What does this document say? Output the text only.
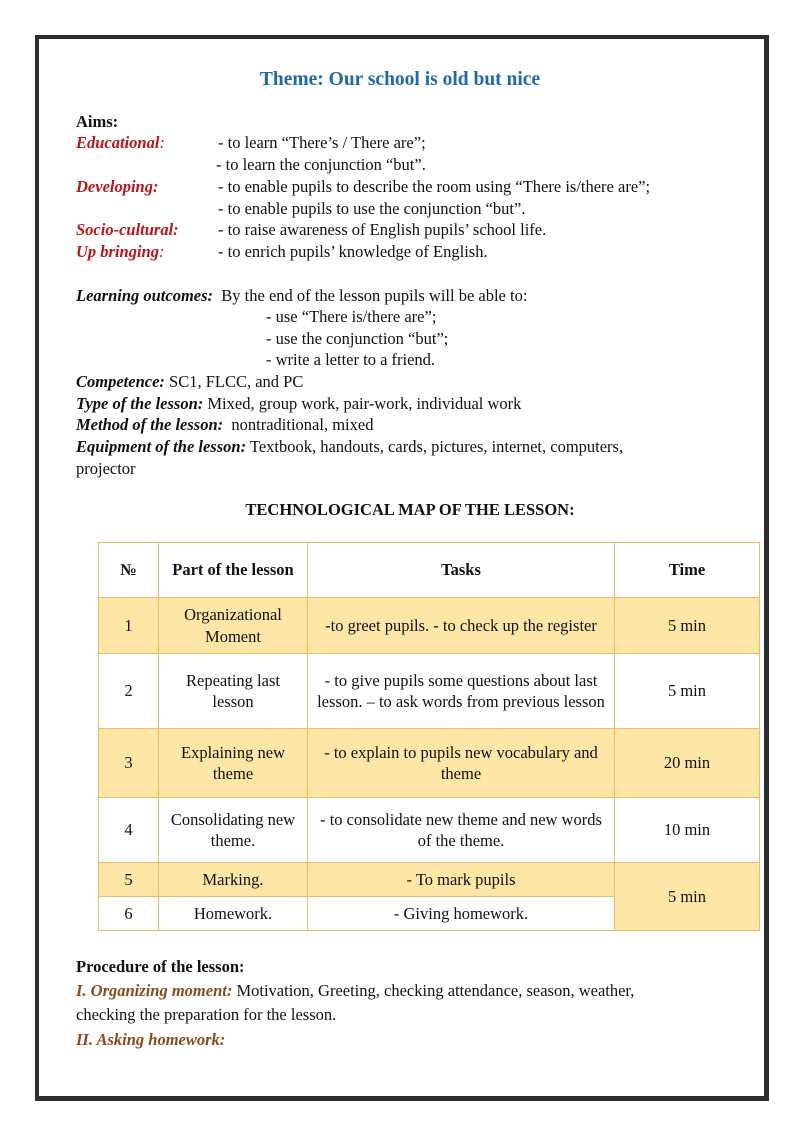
Theme: Our school is old but nice
Aims:
Educational:	- to learn “There’s / There are”;
- to learn the conjunction “but”.
Developing:	- to enable pupils to describe the room using “There is/there are”;
- to enable pupils to use the conjunction “but”.
Socio-cultural: - to raise awareness of English pupils’ school life.
Up bringing:	- to enrich pupils’ knowledge of English.
Learning outcomes: By the end of the lesson pupils will be able to:
- use “There is/there are”;
- use the conjunction “but”;
- write a letter to a friend.
Competence: SC1, FLCC, and PC
Type of the lesson: Mixed, group work, pair-work, individual work
Method of the lesson: nontraditional, mixed
Equipment of the lesson: Textbook, handouts, cards, pictures, internet, computers,
projector
TECHNOLOGICAL MAP OF THE LESSON:
№	Part of the lesson	Tasks	Time
1	Organizational Moment	-to greet pupils. - to check up the register	5 min
2	Repeating last lesson	- to give pupils some questions about last lesson. – to ask words from previous lesson	5 min
3	Explaining new theme	- to explain to pupils new vocabulary and theme	20 min
4	Consolidating new theme.	- to consolidate new theme and new words of the theme.	10 min
5	Marking.	- To mark pupils	5 min
6	Homework.	- Giving homework.	
Procedure of the lesson:
I. Organizing moment: Motivation, Greeting, checking attendance, season, weather,
checking the preparation for the lesson.
II. Asking homework:
